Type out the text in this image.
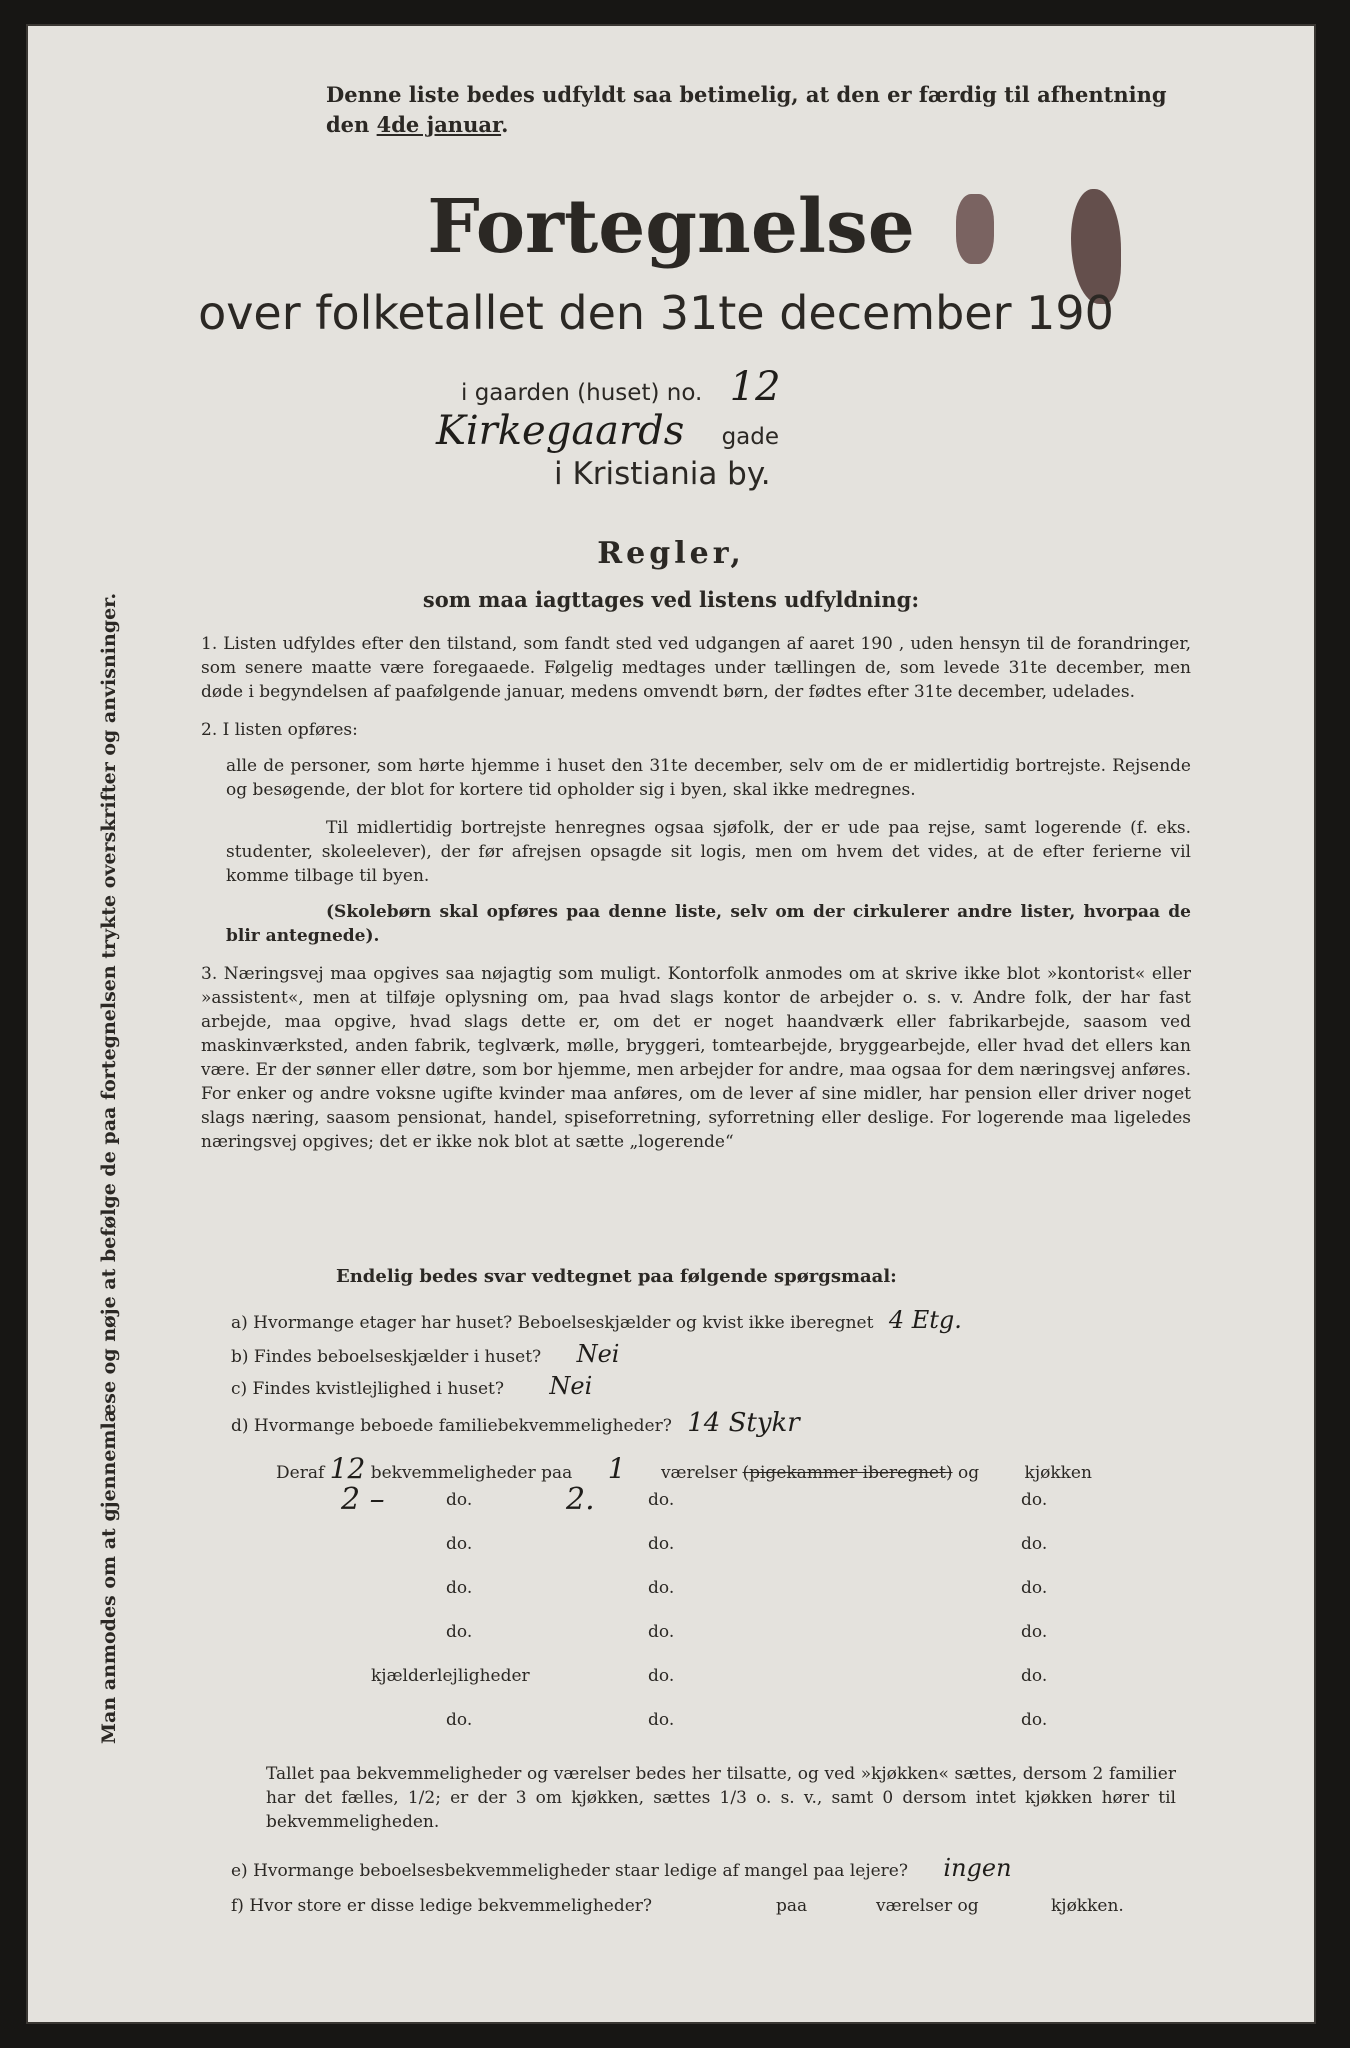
Denne liste bedes udfyldt saa betimelig, at den er færdig til afhentning den 4de januar.
Fortegnelse
over folketallet den 31te december 190
i gaarden (huset) no. 12
Kirkegaards gade
i Kristiania by.
Man anmodes om at gjennemlæse og nøje at befølge de paa fortegnelsen trykte overskrifter og anvisninger.
Regler,
som maa iagttages ved listens udfyldning:

1. Listen udfyldes efter den tilstand, som fandt sted ved udgangen af aaret 190 , uden hensyn til de forandringer, som senere maatte være foregaaede. Følgelig medtages under tællingen de, som levede 31te december, men døde i begyndelsen af paafølgende januar, medens omvendt børn, der fødtes efter 31te december, udelades.

2. I listen opføres:

alle de personer, som hørte hjemme i huset den 31te december, selv om de er midlertidig bortrejste. Rejsende og besøgende, der blot for kortere tid opholder sig i byen, skal ikke medregnes.

Til midlertidig bortrejste henregnes ogsaa sjøfolk, der er ude paa rejse, samt logerende (f. eks. studenter, skoleelever), der før afrejsen opsagde sit logis, men om hvem det vides, at de efter ferierne vil komme tilbage til byen.

(Skolebørn skal opføres paa denne liste, selv om der cirkulerer andre lister, hvorpaa de blir antegnede).

3. Næringsvej maa opgives saa nøjagtig som muligt. Kontorfolk anmodes om at skrive ikke blot »kontorist« eller »assistent«, men at tilføje oplysning om, paa hvad slags kontor de arbejder o. s. v. Andre folk, der har fast arbejde, maa opgive, hvad slags dette er, om det er noget haandværk eller fabrikarbejde, saasom ved maskinværksted, anden fabrik, teglværk, mølle, bryggeri, tomtearbejde, bryggearbejde, eller hvad det ellers kan være. Er der sønner eller døtre, som bor hjemme, men arbejder for andre, maa ogsaa for dem næringsvej anføres. For enker og andre voksne ugifte kvinder maa anføres, om de lever af sine midler, har pension eller driver noget slags næring, saasom pensionat, handel, spiseforretning, syforretning eller deslige. For logerende maa ligeledes næringsvej opgives; det er ikke nok blot at sætte „logerende“

Endelig bedes svar vedtegnet paa følgende spørgsmaal:
a) Hvormange etager har huset? Beboelseskjælder og kvist ikke iberegnet 4 Etg.
b) Findes beboelseskjælder i huset? Nei
c) Findes kvistlejlighed i huset? Nei
d) Hvormange beboede familiebekvemmeligheder? 14 Stykr
Deraf 12 bekvemmeligheder paa 1 værelser (pigekammer iberegnet) og	kjøkken
2 –	do.	2.	do.	do.
do.	do.	do.
do.	do.	do.
do.	do.	do.
kjælderlejligheder	do.	do.
do.	do.	do.

Tallet paa bekvemmeligheder og værelser bedes her tilsatte, og ved »kjøkken« sættes, dersom 2 familier har det fælles, 1/2; er der 3 om kjøkken, sættes 1/3 o. s. v., samt 0 dersom intet kjøkken hører til bekvemmeligheden.

e) Hvormange beboelsesbekvemmeligheder staar ledige af mangel paa lejere? ingen
f) Hvor store er disse ledige bekvemmeligheder?	paa	værelser og	kjøkken.
